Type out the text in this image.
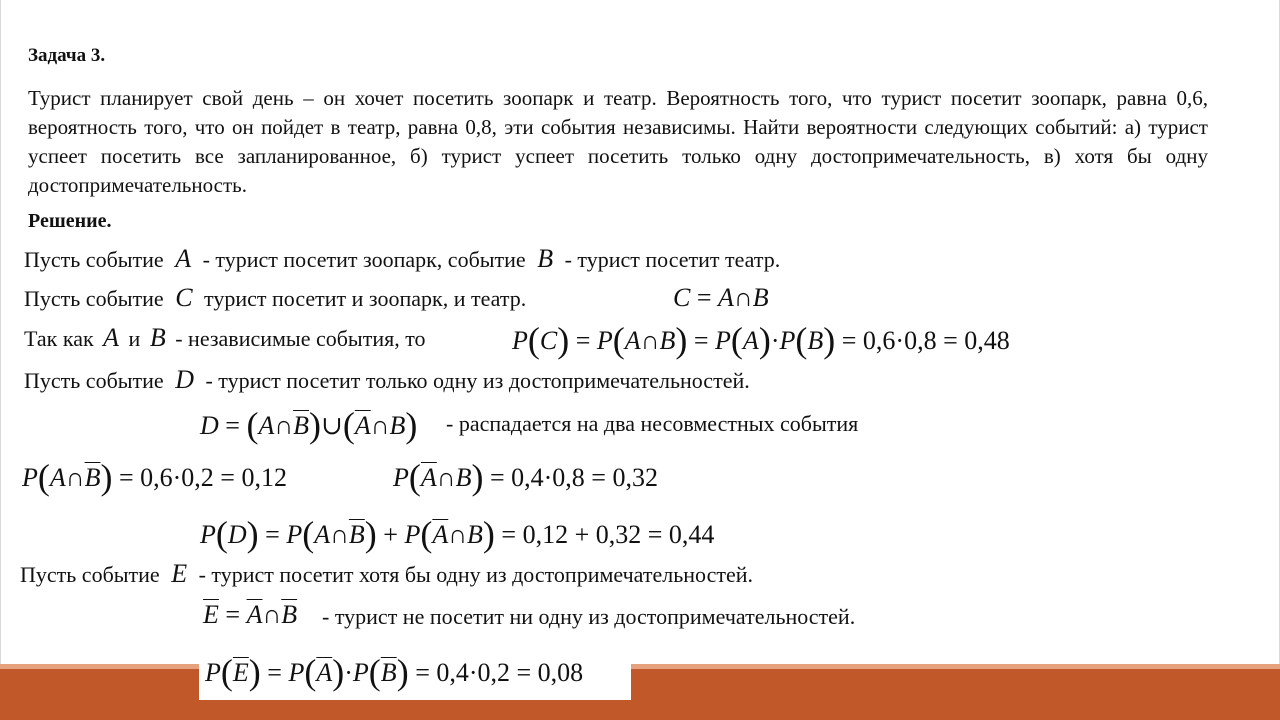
Задача 3.
Турист планирует свой день – он хочет посетить зоопарк и театр. Вероятность того, что турист посетит зоопарк, равна 0,6, вероятность того, что он пойдет в театр, равна 0,8, эти события независимы. Найти вероятности следующих событий: а) турист успеет посетить все запланированное, б) турист успеет посетить только одну достопримечательность, в) хотя бы одну достопримечательность.
Решение.
Пусть событие A - турист посетит зоопарк, событие B - турист посетит театр.
Пусть событие C турист посетит и зоопарк, и театр.	C = A∩B
Так как A и B - независимые события, то	P(C) = P(A∩B) = P(A)·P(B) = 0,6·0,8 = 0,48
Пусть событие D - турист посетит только одну из достопримечательностей.
$D = (A\cap\overline{B})\cup(\overline{A}\cap B)$ - распадается на два несовместных события
$P(A\cap\overline{B}) = 0,6\cdot 0,2 = 0,12$	$P(\overline{A}\cap B) = 0,4\cdot 0,8 = 0,32$
$P(D) = P(A\cap\overline{B})$ + $P(\overline{A}\cap B) = 0,12 + 0,32 = 0,44$
Пусть событие E - турист посетит хотя бы одну из достопримечательностей.
$\overline{E}$ = $\overline{A}\cap\overline{B}$ - турист не посетит ни одну из достопримечательностей.
$P(\overline{E}) = P(\overline{A})\cdot P(\overline{B}) = 0,4\cdot 0,2 = 0,08$
